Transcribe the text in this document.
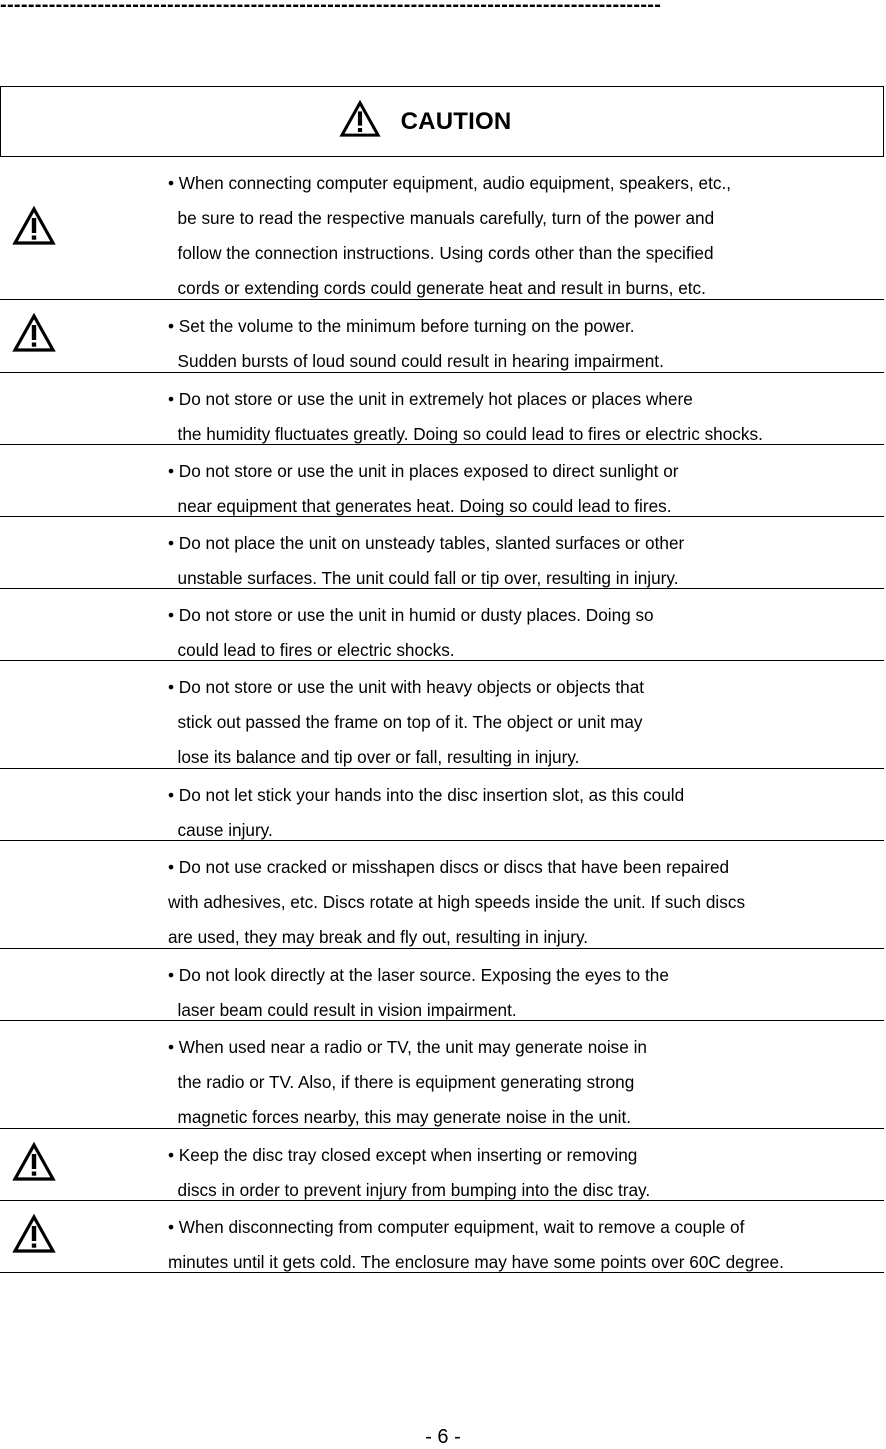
-----------------------------------------------------------------------------------------------
CAUTION

• When connecting computer equipment, audio equipment, speakers, etc.,

be sure to read the respective manuals carefully, turn of the power and

follow the connection instructions. Using cords other than the specified

cords or extending cords could generate heat and result in burns, etc.

• Set the volume to the minimum before turning on the power.

Sudden bursts of loud sound could result in hearing impairment.

• Do not store or use the unit in extremely hot places or places where

the humidity fluctuates greatly. Doing so could lead to fires or electric shocks.

• Do not store or use the unit in places exposed to direct sunlight or

near equipment that generates heat. Doing so could lead to fires.

• Do not place the unit on unsteady tables, slanted surfaces or other

unstable surfaces. The unit could fall or tip over, resulting in injury.

• Do not store or use the unit in humid or dusty places. Doing so

could lead to fires or electric shocks.

• Do not store or use the unit with heavy objects or objects that

stick out passed the frame on top of it. The object or unit may

lose its balance and tip over or fall, resulting in injury.

• Do not let stick your hands into the disc insertion slot, as this could

cause injury.

• Do not use cracked or misshapen discs or discs that have been repaired

with adhesives, etc. Discs rotate at high speeds inside the unit. If such discs

are used, they may break and fly out, resulting in injury.

• Do not look directly at the laser source. Exposing the eyes to the

laser beam could result in vision impairment.

• When used near a radio or TV, the unit may generate noise in

the radio or TV. Also, if there is equipment generating strong

magnetic forces nearby, this may generate noise in the unit.

• Keep the disc tray closed except when inserting or removing

discs in order to prevent injury from bumping into the disc tray.

• When disconnecting from computer equipment, wait to remove a couple of

minutes until it gets cold. The enclosure may have some points over 60C degree.

- 6 -
